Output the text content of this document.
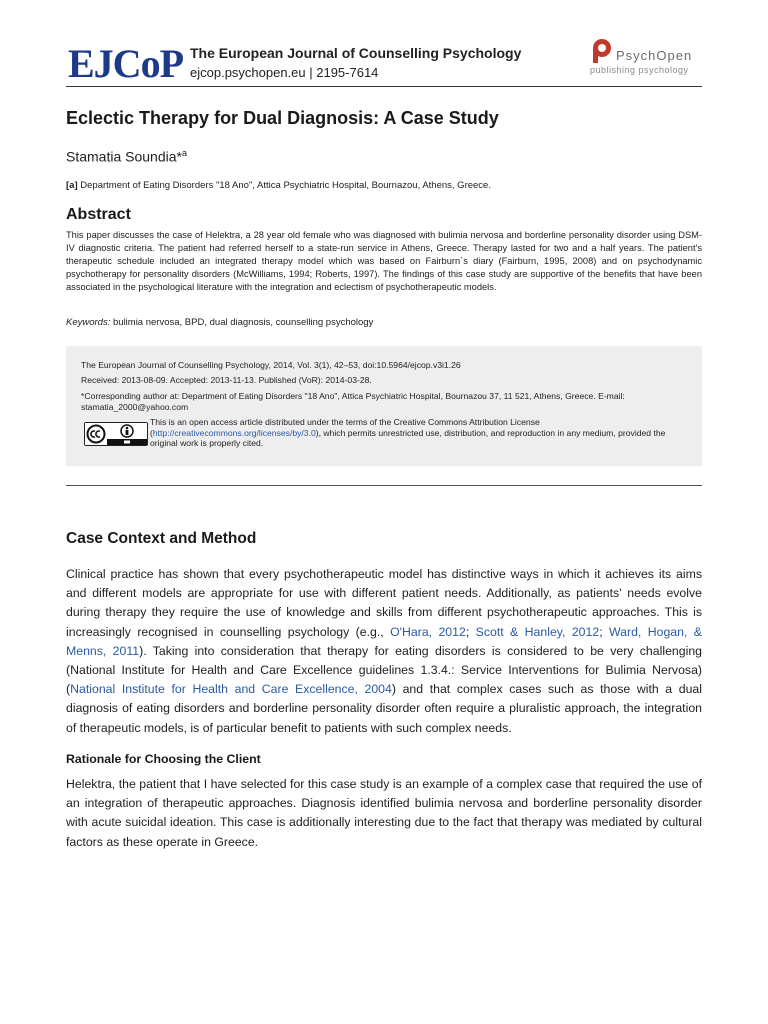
EJCoP The European Journal of Counselling Psychology
ejcop.psychopen.eu | 2195-7614
PsychOpen
publishing psychology
Eclectic Therapy for Dual Diagnosis: A Case Study
Stamatia Soundia*$^a$
[a] Department of Eating Disorders "18 Ano", Attica Psychiatric Hospital, Bournazou, Athens, Greece.
Abstract

This paper discusses the case of Helektra, a 28 year old female who was diagnosed with bulimia nervosa and borderline personality disorder using DSM-IV diagnostic criteria. The patient had referred herself to a state-run service in Athens, Greece. Therapy lasted for two and a half years. The patient's therapeutic schedule included an integrated therapy model which was based on Fairburn`s diary (Fairburn, 1995, 2008) and on psychodynamic psychotherapy for personality disorders (McWilliams, 1994; Roberts, 1997). The findings of this case study are supportive of the benefits that have been associated in the psychological literature with the integration and eclectism of psychotherapeutic models.

Keywords: bulimia nervosa, BPD, dual diagnosis, counselling psychology
The European Journal of Counselling Psychology, 2014, Vol. 3(1), 42–53, doi:10.5964/ejcop.v3i1.26
Received: 2013-08-09. Accepted: 2013-11-13. Published (VoR): 2014-03-28.
*Corresponding author at: Department of Eating Disorders "18 Ano", Attica Psychiatric Hospital, Bournazou 37, 11 521, Athens, Greece. E-mail: stamatia_2000@yahoo.com
This is an open access article distributed under the terms of the Creative Commons Attribution License (http://creativecommons.org/licenses/by/3.0), which permits unrestricted use, distribution, and reproduction in any medium, provided the original work is properly cited.
Case Context and Method

Clinical practice has shown that every psychotherapeutic model has distinctive ways in which it achieves its aims and different models are appropriate for use with different patient needs. Additionally, as patients' needs evolve during therapy they require the use of knowledge and skills from different psychotherapeutic approaches. This is increasingly recognised in counselling psychology (e.g., O'Hara, 2012; Scott & Hanley, 2012; Ward, Hogan, & Menns, 2011). Taking into consideration that therapy for eating disorders is considered to be very challenging (National Institute for Health and Care Excellence guidelines 1.3.4.: Service Interventions for Bulimia Nervosa) (National Institute for Health and Care Excellence, 2004) and that complex cases such as those with a dual diagnosis of eating disorders and borderline personality disorder often require a pluralistic approach, the integration of therapeutic models, is of particular benefit to patients with such complex needs.

Rationale for Choosing the Client

Helektra, the patient that I have selected for this case study is an example of a complex case that required the use of an integration of therapeutic approaches. Diagnosis identified bulimia nervosa and borderline personality disorder with acute suicidal ideation. This case is additionally interesting due to the fact that therapy was mediated by cultural factors as these operate in Greece.
